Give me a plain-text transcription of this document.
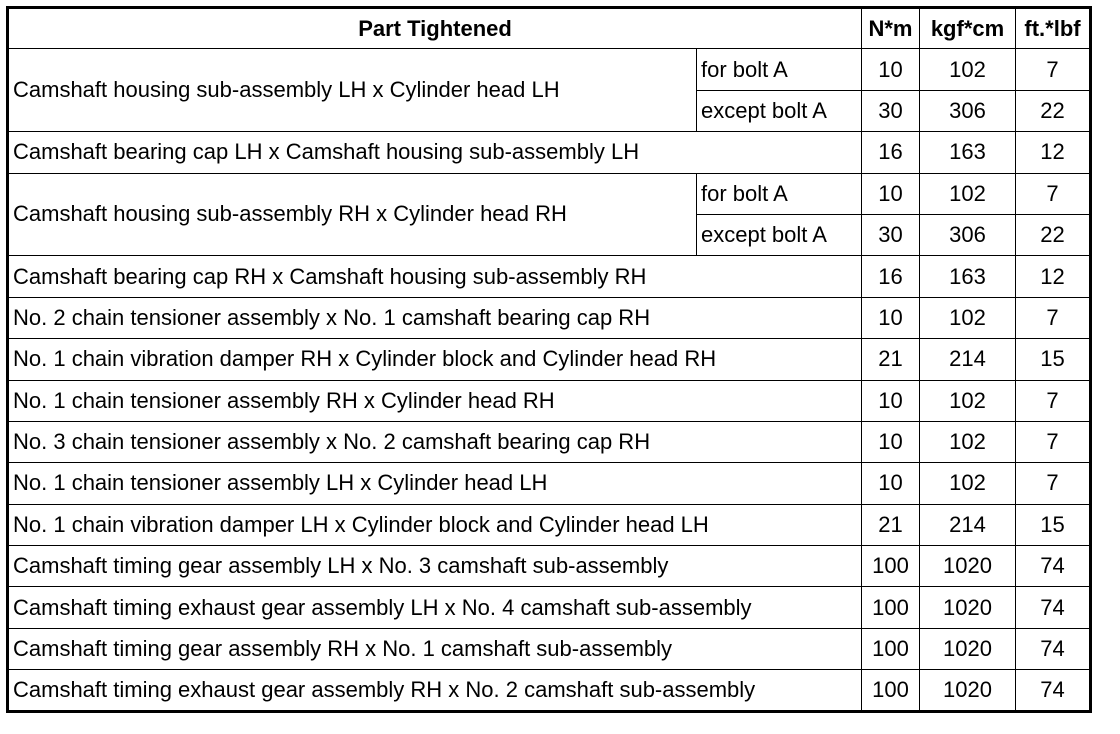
Part Tightened		N*m	kgf*cm	ft.*lbf
Camshaft housing sub-assembly LH x Cylinder head LH	for bolt A	10	102	7
	except bolt A	30	306	22
Camshaft bearing cap LH x Camshaft housing sub-assembly LH		16	163	12
Camshaft housing sub-assembly RH x Cylinder head RH	for bolt A	10	102	7
	except bolt A	30	306	22
Camshaft bearing cap RH x Camshaft housing sub-assembly RH		16	163	12
No. 2 chain tensioner assembly x No. 1 camshaft bearing cap RH		10	102	7
No. 1 chain vibration damper RH x Cylinder block and Cylinder head RH		21	214	15
No. 1 chain tensioner assembly RH x Cylinder head RH		10	102	7
No. 3 chain tensioner assembly x No. 2 camshaft bearing cap RH		10	102	7
No. 1 chain tensioner assembly LH x Cylinder head LH		10	102	7
No. 1 chain vibration damper LH x Cylinder block and Cylinder head LH		21	214	15
Camshaft timing gear assembly LH x No. 3 camshaft sub-assembly		100	1020	74
Camshaft timing exhaust gear assembly LH x No. 4 camshaft sub-assembly		100	1020	74
Camshaft timing gear assembly RH x No. 1 camshaft sub-assembly		100	1020	74
Camshaft timing exhaust gear assembly RH x No. 2 camshaft sub-assembly		100	1020	74
